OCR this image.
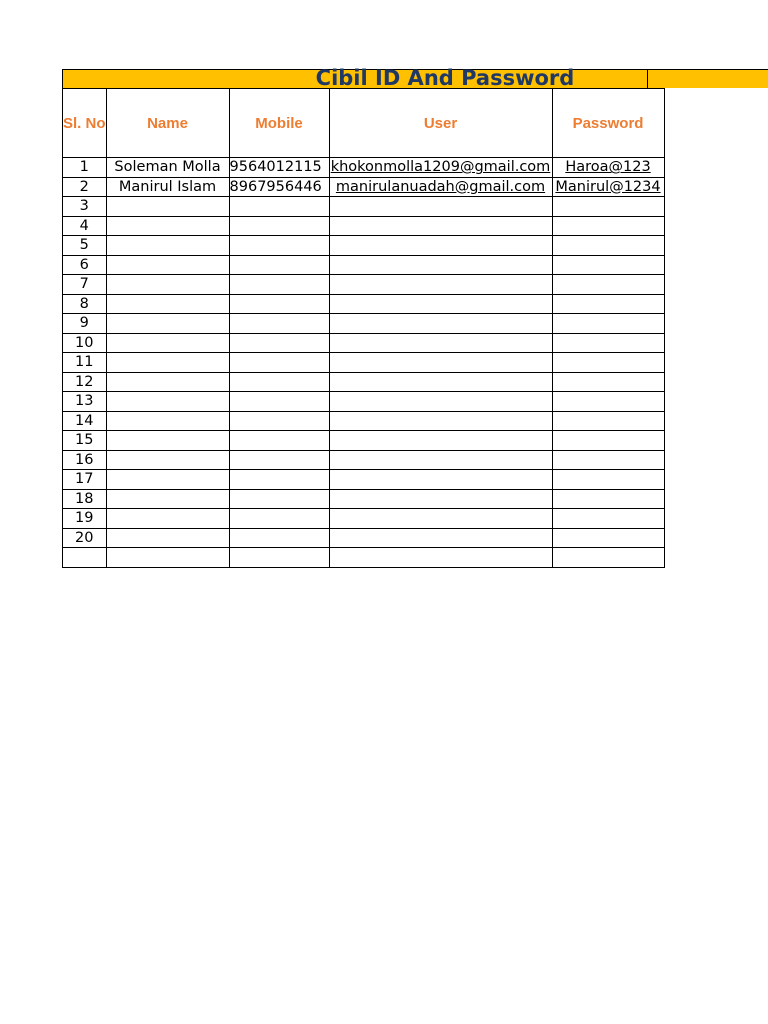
Cibil ID And Password
Sl. No	Name	Mobile	User	Password
1	Soleman Molla	9564012115	khokonmolla1209@gmail.com	Haroa@123
2	Manirul Islam	8967956446	manirulanuadah@gmail.com	Manirul@1234
3				
4				
5				
6				
7				
8				
9				
10				
11				
12				
13				
14				
15				
16				
17				
18				
19				
20				
